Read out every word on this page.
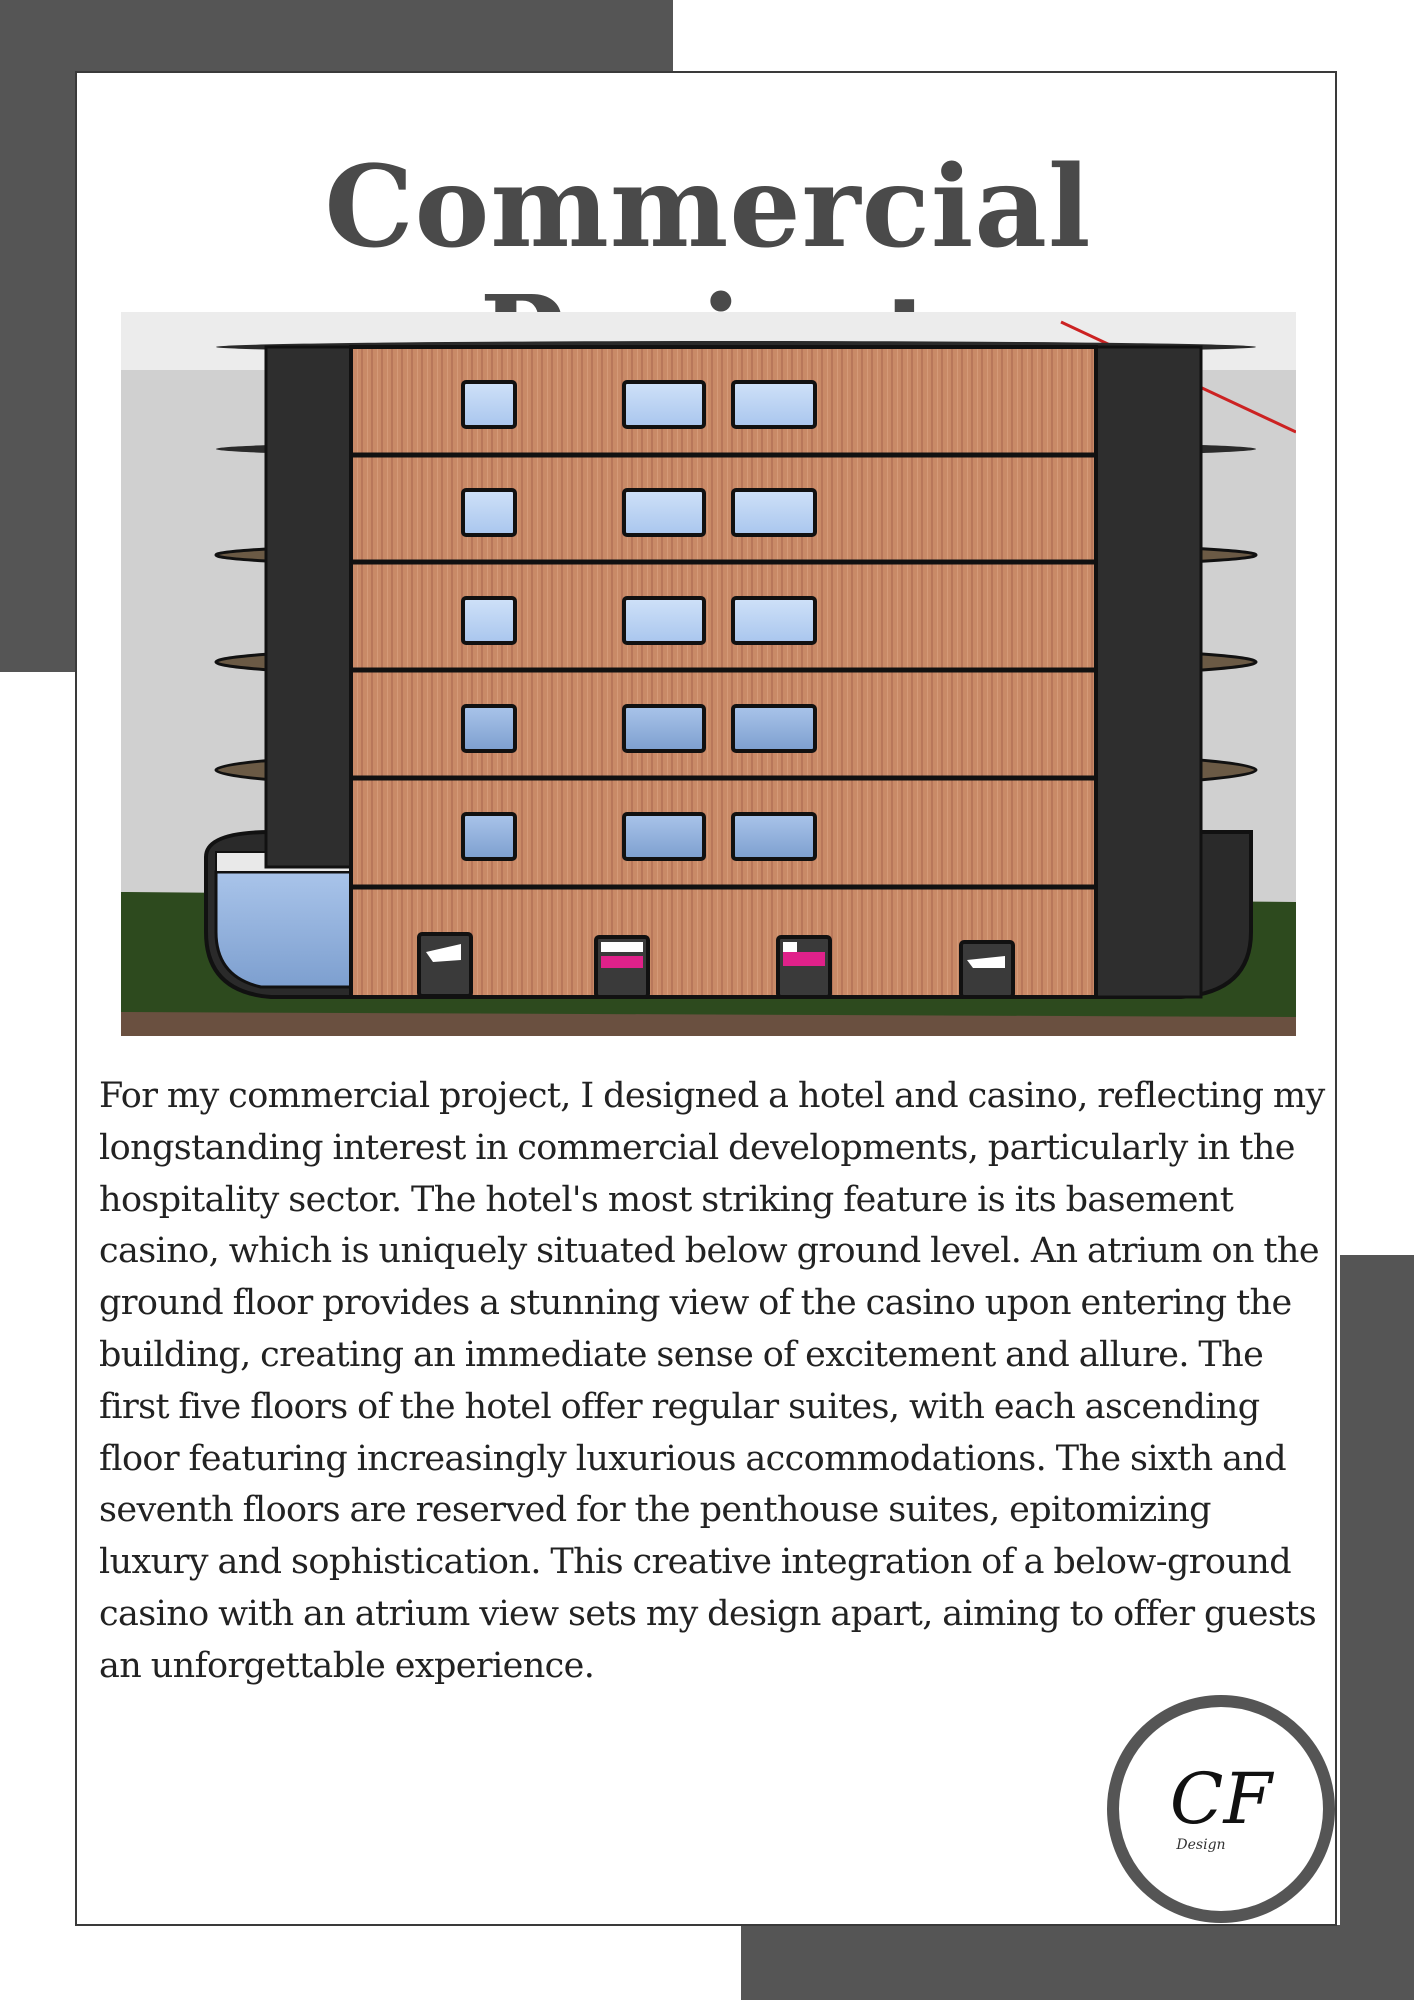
Commercial

For my commercial project, I designed a hotel and casino, reflecting my longstanding interest in commercial developments, particularly in the hospitality sector. The hotel's most striking feature is its basement casino, which is uniquely situated below ground level. An atrium on the ground floor provides a stunning view of the casino upon entering the building, creating an immediate sense of excitement and allure. The first five floors of the hotel offer regular suites, with each ascending floor featuring increasingly luxurious accommodations. The sixth and seventh floors are reserved for the penthouse suites, epitomizing luxury and sophistication. This creative integration of a below-ground casino with an atrium view sets my design apart, aiming to offer guests an unforgettable experience.

CF
Design
